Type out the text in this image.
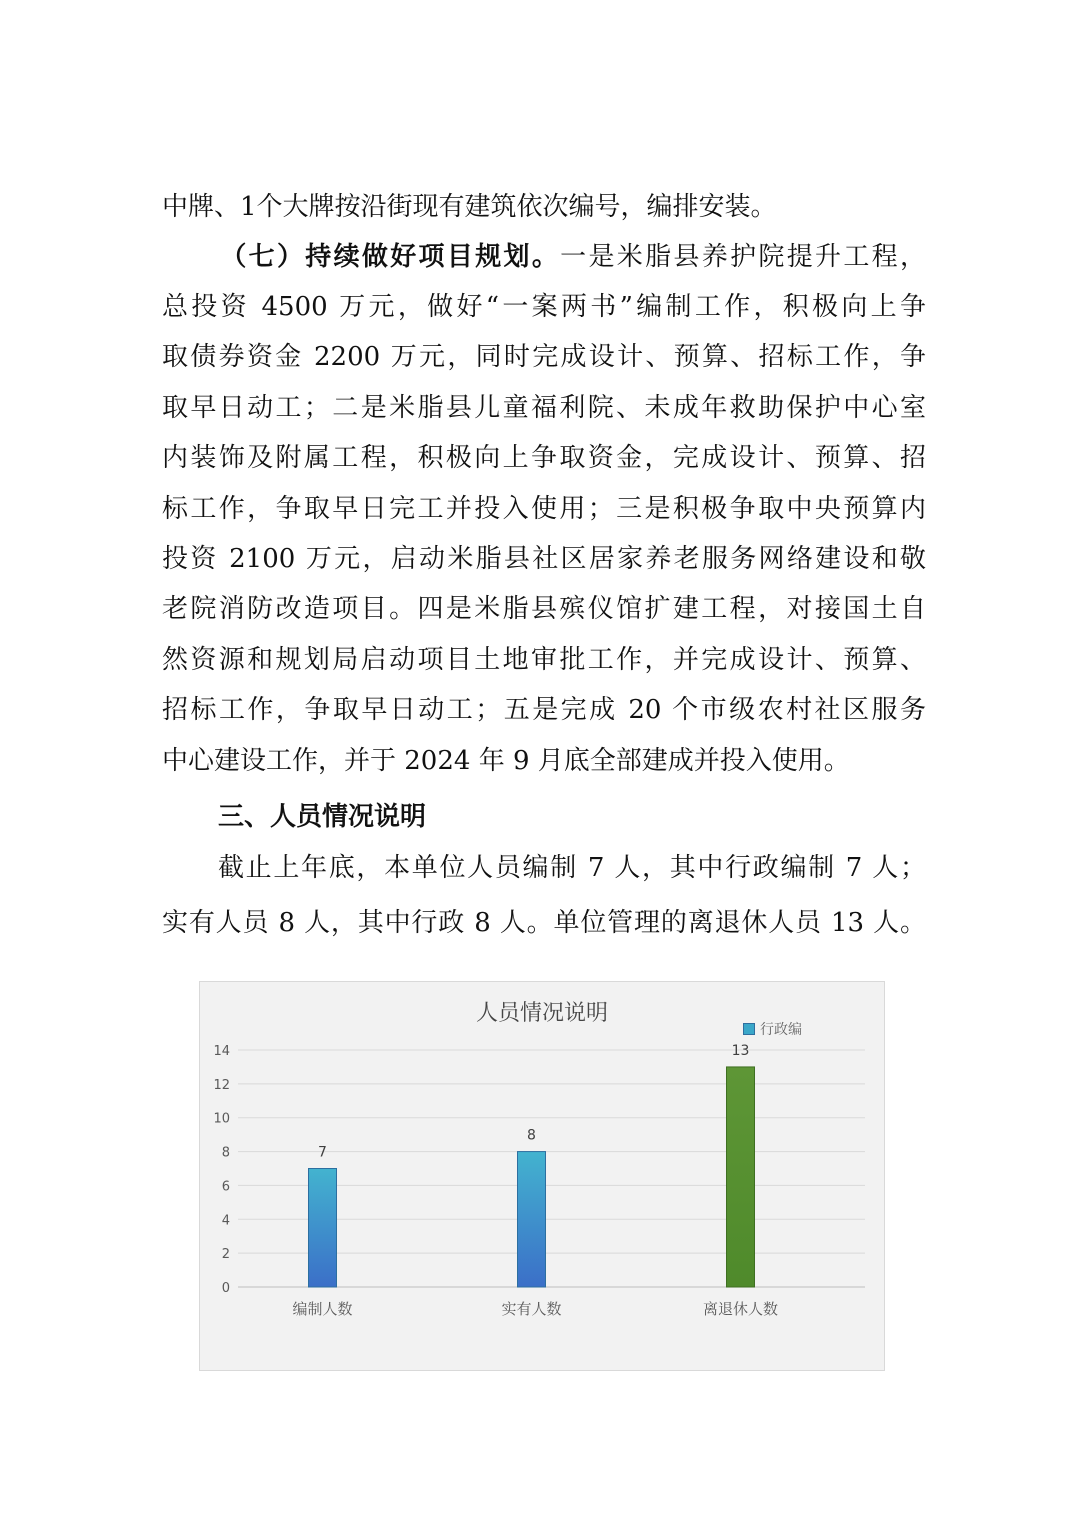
中牌、1个大牌按沿街现有建筑依次编号，编排安装。
（七）持续做好项目规划。一是米脂县养护院提升工程，
总投资 4500 万元，做好“一案两书”编制工作，积极向上争
取债券资金 2200 万元，同时完成设计、预算、招标工作，争
取早日动工；二是米脂县儿童福利院、未成年救助保护中心室
内装饰及附属工程，积极向上争取资金，完成设计、预算、招
标工作，争取早日完工并投入使用；三是积极争取中央预算内
投资 2100 万元，启动米脂县社区居家养老服务网络建设和敬
老院消防改造项目。四是米脂县殡仪馆扩建工程，对接国土自
然资源和规划局启动项目土地审批工作，并完成设计、预算、
招标工作，争取早日动工；五是完成 20 个市级农村社区服务
中心建设工作，并于 2024 年 9 月底全部建成并投入使用。
三、人员情况说明
截止上年底，本单位人员编制 7 人，其中行政编制 7 人；
实有人员 8 人，其中行政 8 人。单位管理的离退休人员 13 人。
人员情况说明
行政编
0
2
4
6
8
10
12
14
7
编制人数
8
实有人数
13
离退休人数
